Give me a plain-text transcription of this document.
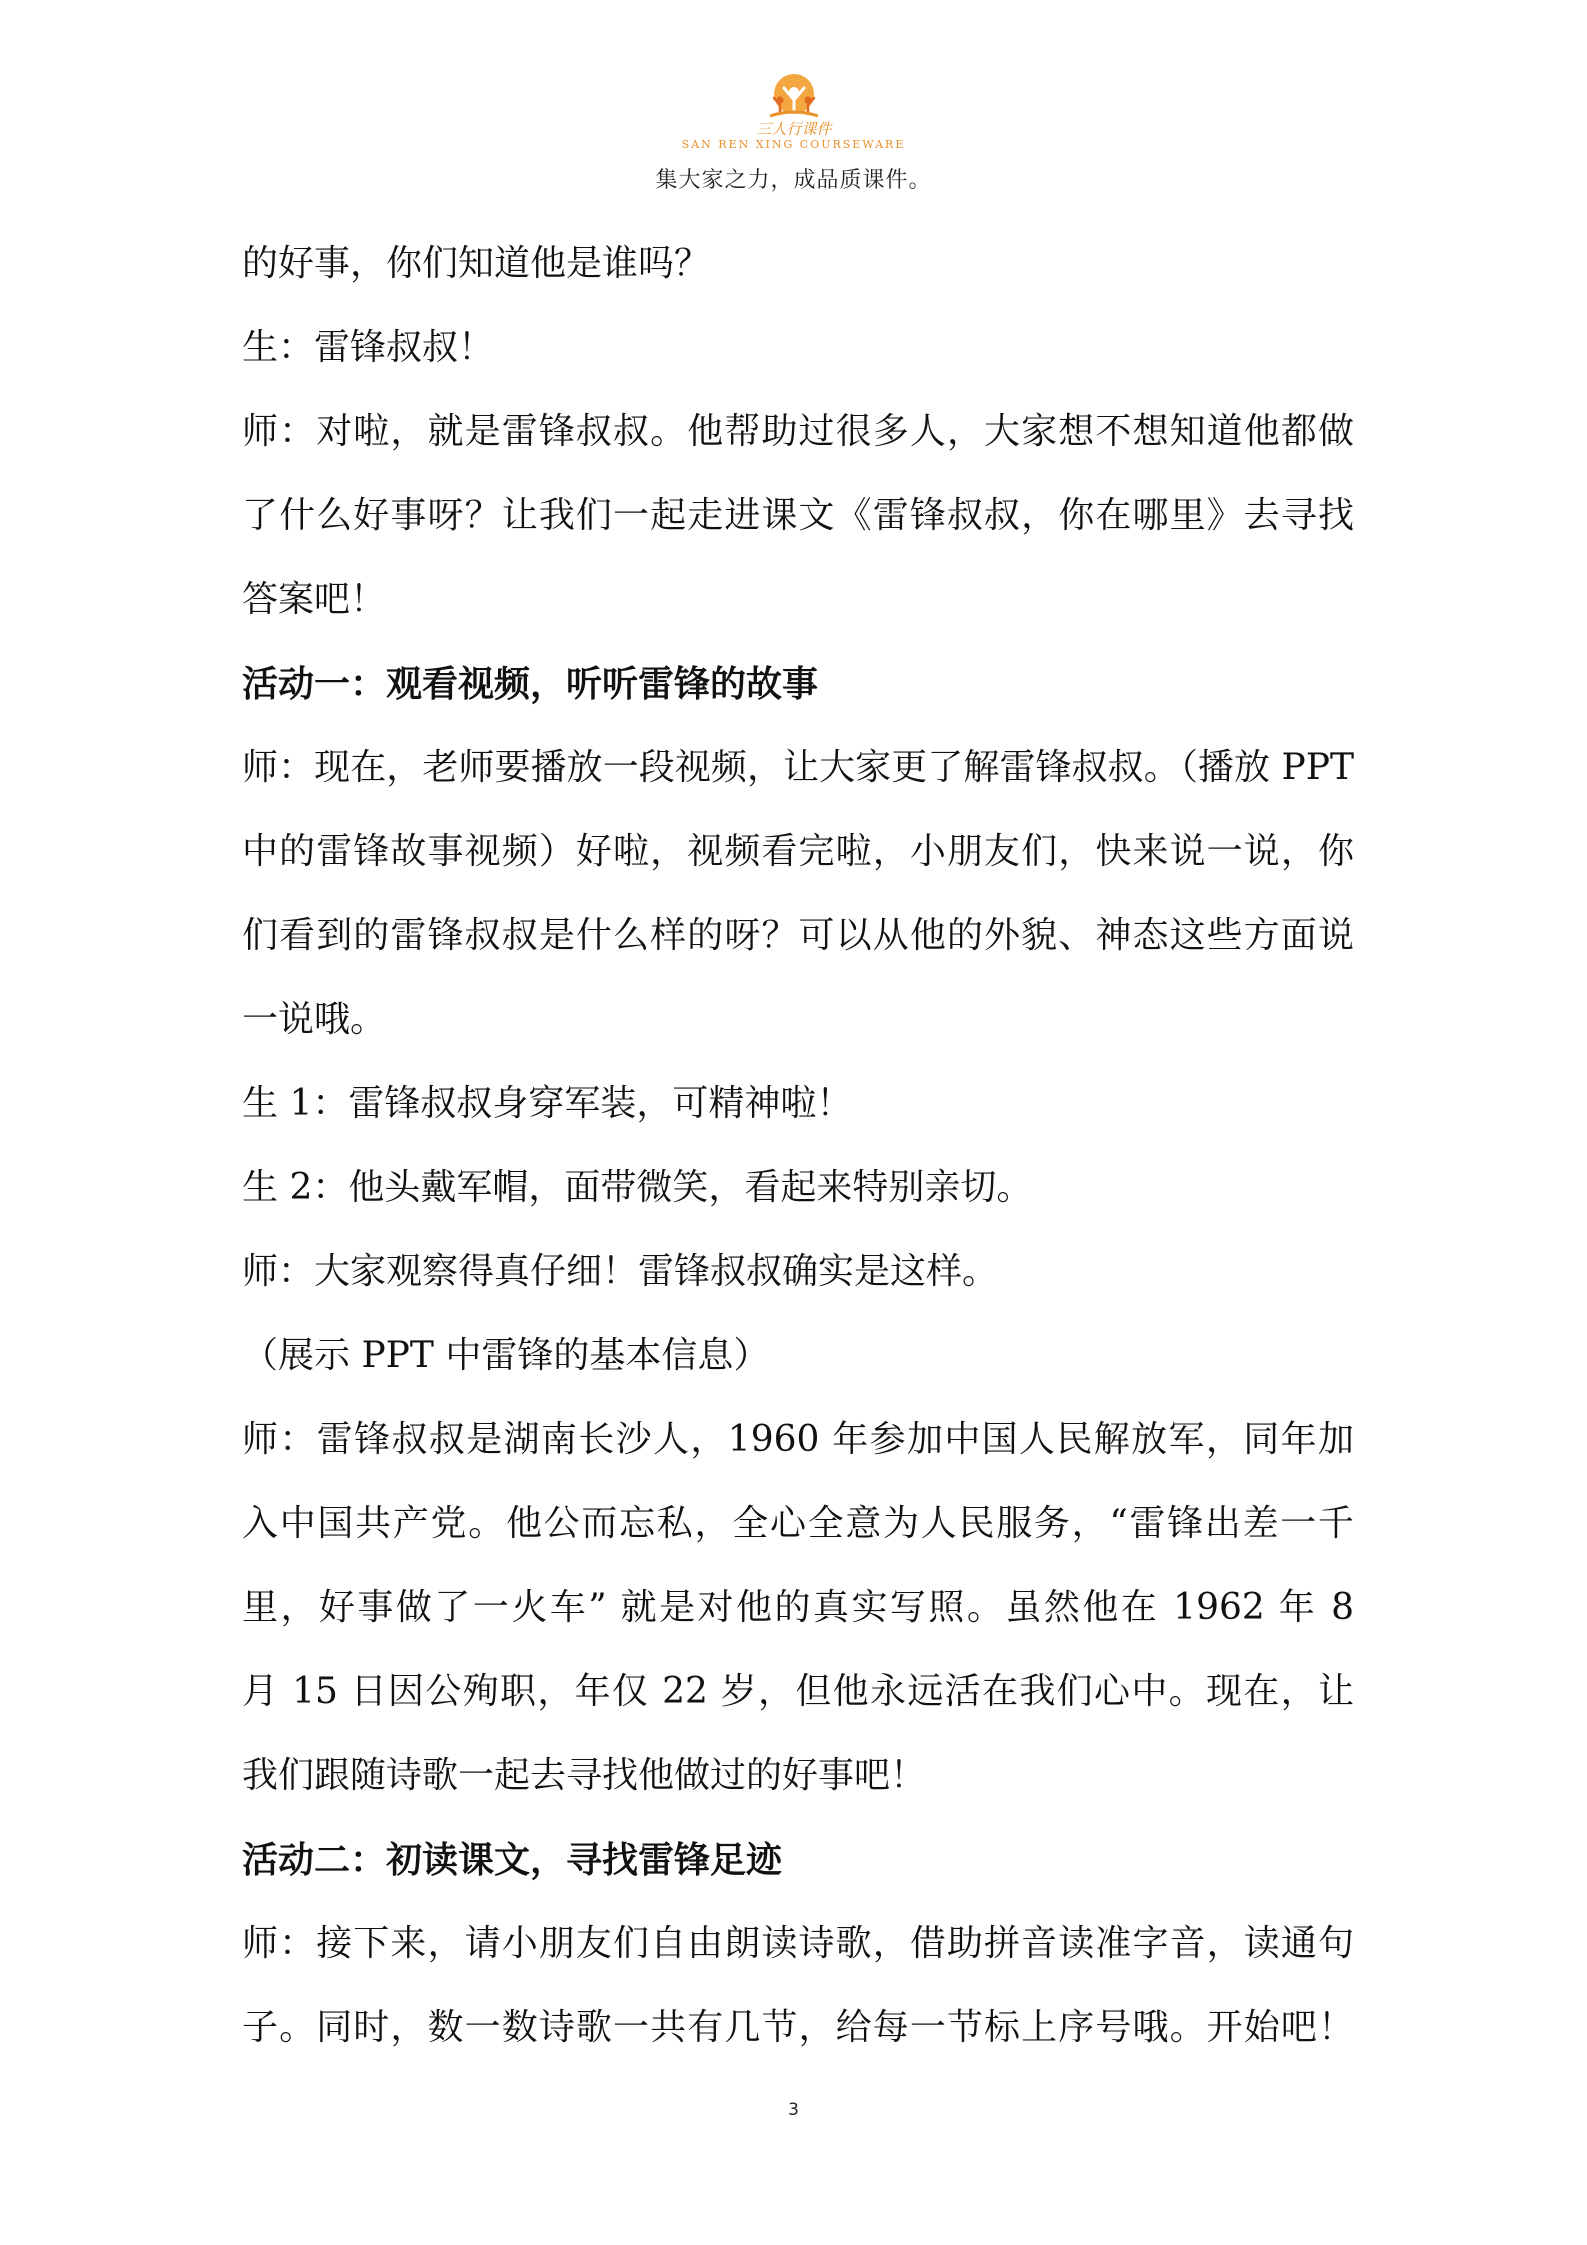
三人行课件
SAN REN XING COURSEWARE
集大家之力，成品质课件。
的好事，你们知道他是谁吗？
生：雷锋叔叔！
师：对啦，就是雷锋叔叔。他帮助过很多人，大家想不想知道他都做
了什么好事呀？让我们一起走进课文《雷锋叔叔，你在哪里》去寻找
答案吧！
活动一：观看视频，听听雷锋的故事
师：现在，老师要播放一段视频，让大家更了解雷锋叔叔。（播放 PPT
中的雷锋故事视频）好啦，视频看完啦，小朋友们，快来说一说，你
们看到的雷锋叔叔是什么样的呀？可以从他的外貌、神态这些方面说
一说哦。
生 1：雷锋叔叔身穿军装，可精神啦！
生 2：他头戴军帽，面带微笑，看起来特别亲切。
师：大家观察得真仔细！雷锋叔叔确实是这样。
（展示 PPT 中雷锋的基本信息）
师：雷锋叔叔是湖南长沙人，1960 年参加中国人民解放军，同年加
入中国共产党。他公而忘私，全心全意为人民服务，“雷锋出差一千
里，好事做了一火车” 就是对他的真实写照。虽然他在 1962 年 8
月 15 日因公殉职，年仅 22 岁，但他永远活在我们心中。现在，让
我们跟随诗歌一起去寻找他做过的好事吧！
活动二：初读课文，寻找雷锋足迹
师：接下来，请小朋友们自由朗读诗歌，借助拼音读准字音，读通句
子。同时，数一数诗歌一共有几节，给每一节标上序号哦。开始吧！
3
